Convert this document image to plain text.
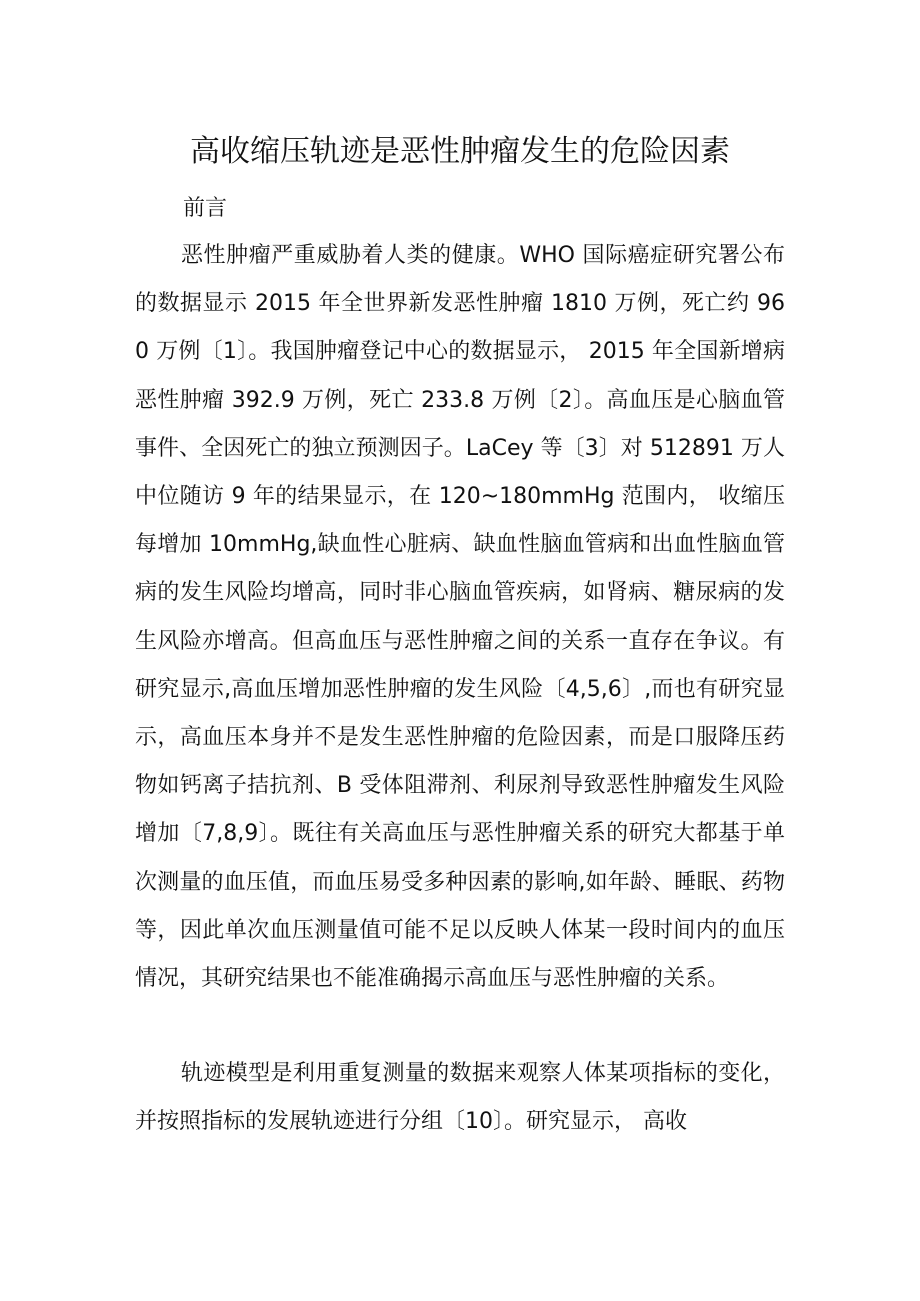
高收缩压轨迹是恶性肿瘤发生的危险因素
前言

恶性肿瘤严重威胁着人类的健康。WHO 国际癌症研究署公布的数据显示 2015 年全世界新发恶性肿瘤 1810 万例，死亡约 960 万例〔1〕。我国肿瘤登记中心的数据显示， 2015 年全国新增病恶性肿瘤 392.9 万例，死亡 233.8 万例〔2〕。高血压是心脑血管事件、全因死亡的独立预测因子。LaCey 等〔3〕对 512891 万人中位随访 9 年的结果显示，在 120~180mmHg 范围内， 收缩压每增加 10mmHg,缺血性心脏病、缺血性脑血管病和出血性脑血管病的发生风险均增高，同时非心脑血管疾病，如肾病、糖尿病的发生风险亦增高。但高血压与恶性肿瘤之间的关系一直存在争议。有研究显示,高血压增加恶性肿瘤的发生风险〔4,5,6〕,而也有研究显示，高血压本身并不是发生恶性肿瘤的危险因素，而是口服降压药物如钙离子拮抗剂、B 受体阻滞剂、利尿剂导致恶性肿瘤发生风险增加〔7,8,9〕。既往有关高血压与恶性肿瘤关系的研究大都基于单次测量的血压值，而血压易受多种因素的影响,如年龄、睡眠、药物等，因此单次血压测量值可能不足以反映人体某一段时间内的血压情况，其研究结果也不能准确揭示高血压与恶性肿瘤的关系。

轨迹模型是利用重复测量的数据来观察人体某项指标的变化，并按照指标的发展轨迹进行分组〔10〕。研究显示， 高收
